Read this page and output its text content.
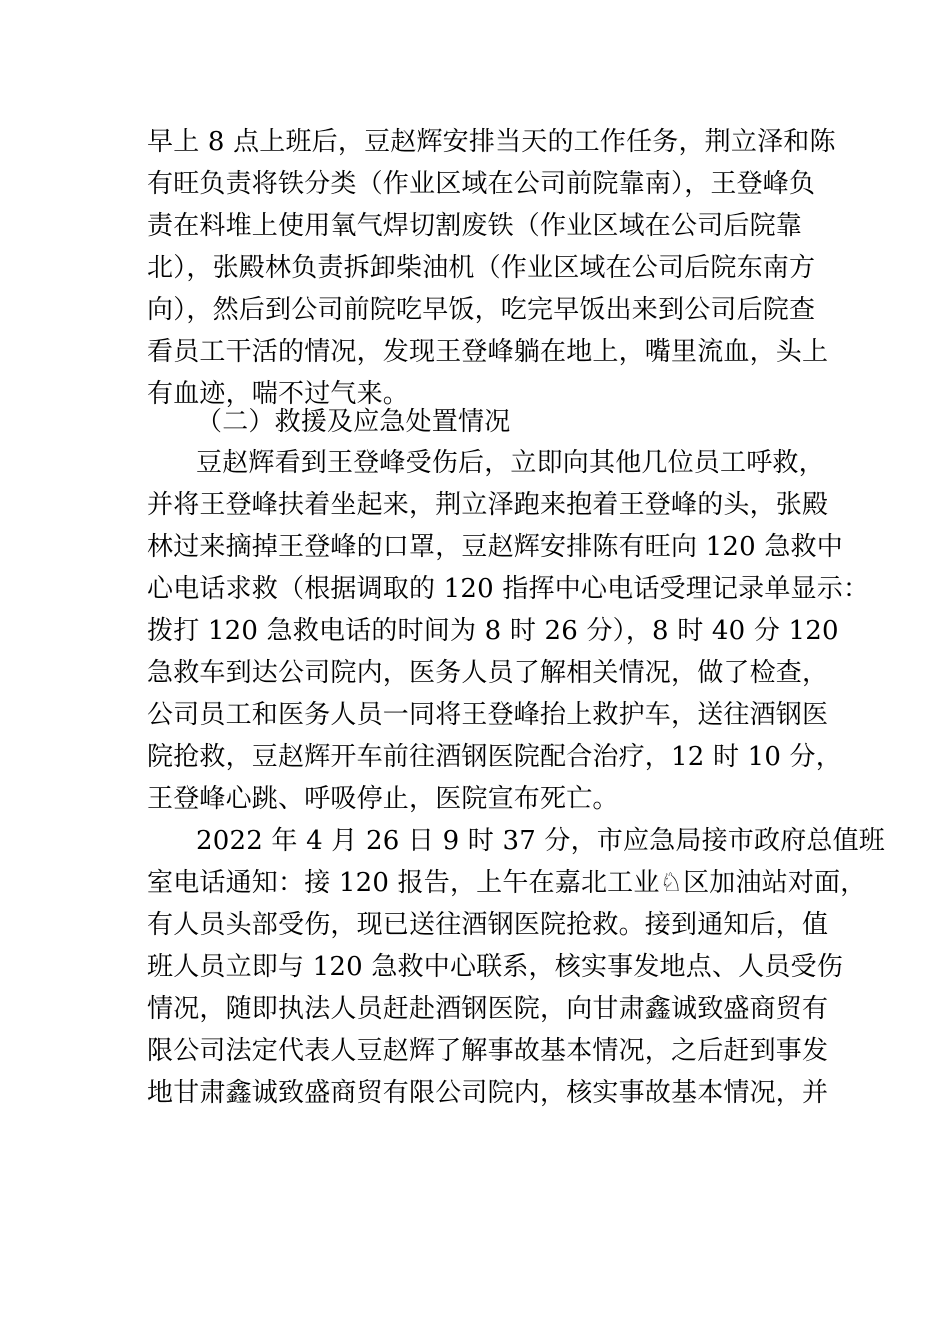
早上 8 点上班后，豆赵辉安排当天的工作任务，荆立泽和陈
有旺负责将铁分类（作业区域在公司前院靠南），王登峰负
责在料堆上使用氧气焊切割废铁（作业区域在公司后院靠
北），张殿林负责拆卸柴油机（作业区域在公司后院东南方
向），然后到公司前院吃早饭，吃完早饭出来到公司后院查
看员工干活的情况，发现王登峰躺在地上，嘴里流血，头上
有血迹，喘不过气来。
（二）救援及应急处置情况
豆赵辉看到王登峰受伤后，立即向其他几位员工呼救，
并将王登峰扶着坐起来，荆立泽跑来抱着王登峰的头，张殿
林过来摘掉王登峰的口罩，豆赵辉安排陈有旺向 120 急救中
心电话求救（根据调取的 120 指挥中心电话受理记录单显示：
拨打 120 急救电话的时间为 8 时 26 分），8 时 40 分 120
急救车到达公司院内，医务人员了解相关情况，做了检查，
公司员工和医务人员一同将王登峰抬上救护车，送往酒钢医
院抢救，豆赵辉开车前往酒钢医院配合治疗，12 时 10 分，
王登峰心跳、呼吸停止，医院宣布死亡。
2022 年 4 月 26 日 9 时 37 分，市应急局接市政府总值班
室电话通知：接 120 报告，上午在嘉北工业♘区加油站对面，
有人员头部受伤，现已送往酒钢医院抢救。接到通知后，值
班人员立即与 120 急救中心联系，核实事发地点、人员受伤
情况，随即执法人员赶赴酒钢医院，向甘肃鑫诚致盛商贸有
限公司法定代表人豆赵辉了解事故基本情况，之后赶到事发
地甘肃鑫诚致盛商贸有限公司院内，核实事故基本情况，并
